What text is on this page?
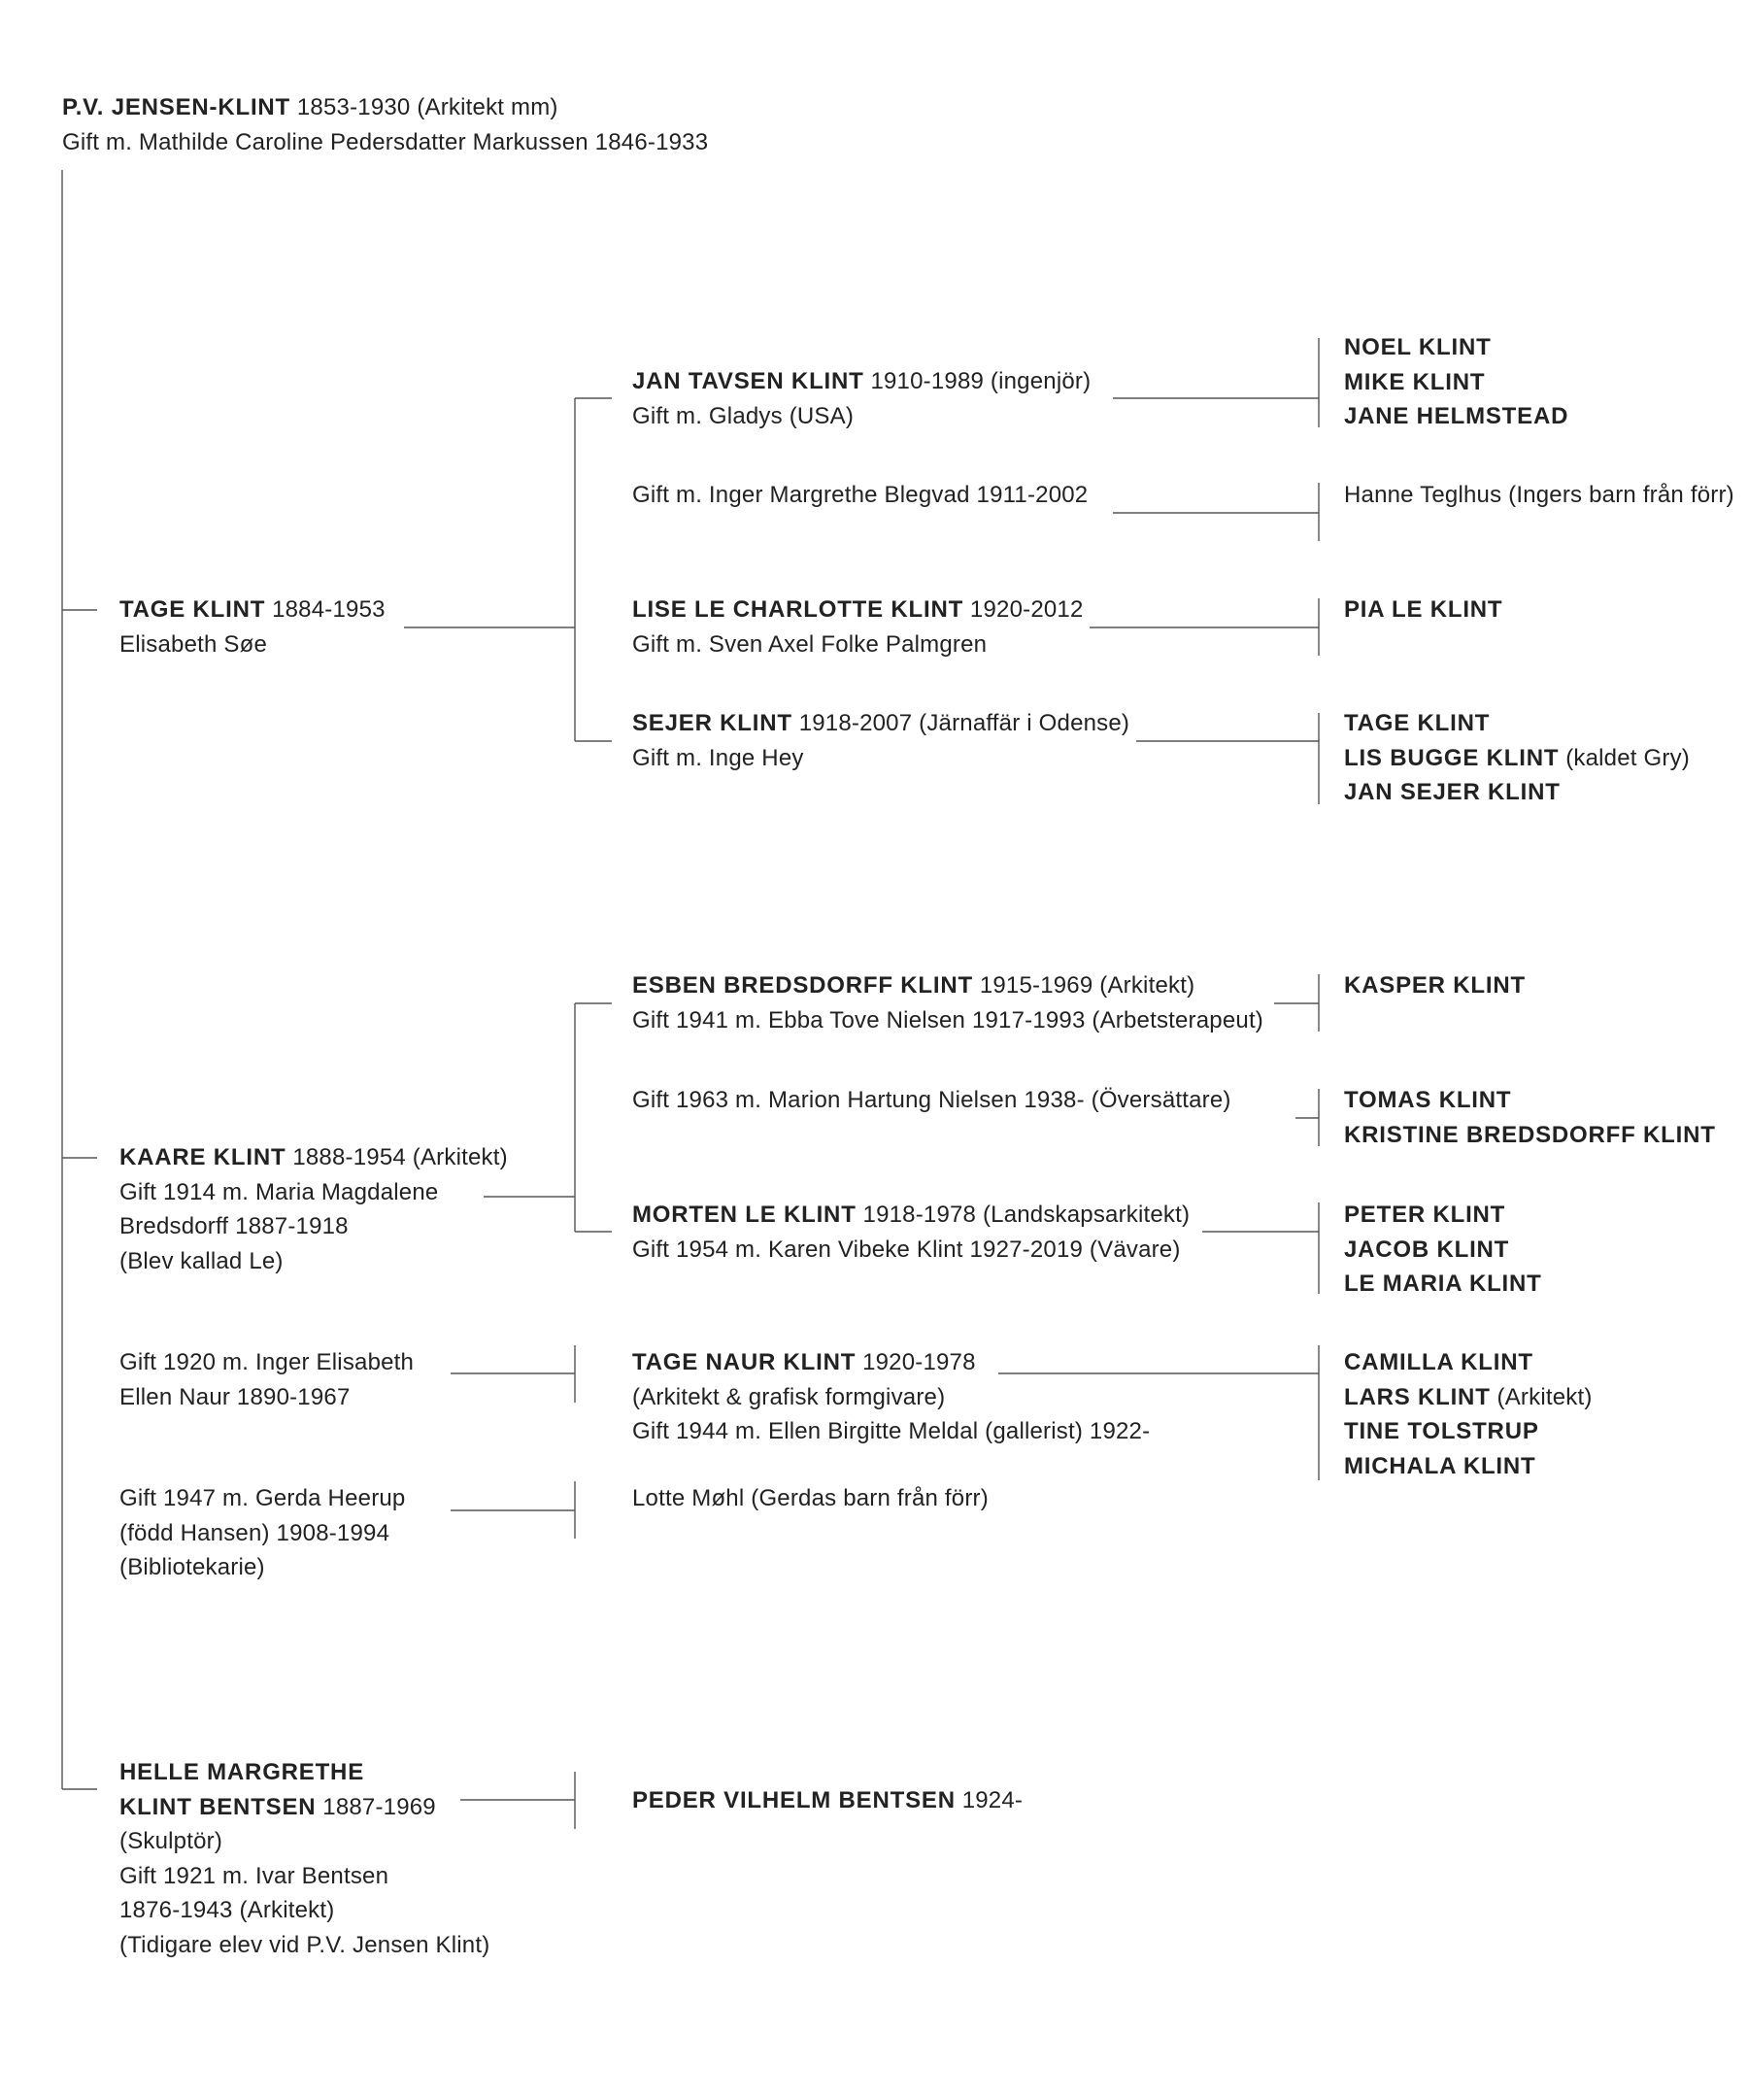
P.V. JENSEN-KLINT 1853-1930 (Arkitekt mm)
Gift m. Mathilde Caroline Pedersdatter Markussen 1846-1933
TAGE KLINT 1884-1953
Elisabeth Søe
KAARE KLINT 1888-1954 (Arkitekt)
Gift 1914 m. Maria Magdalene
Bredsdorff 1887-1918
(Blev kallad Le)
Gift 1920 m. Inger Elisabeth
Ellen Naur 1890-1967
Gift 1947 m. Gerda Heerup
(född Hansen) 1908-1994
(Bibliotekarie)
HELLE MARGRETHE
KLINT BENTSEN 1887-1969
(Skulptör)
Gift 1921 m. Ivar Bentsen
1876-1943 (Arkitekt)
(Tidigare elev vid P.V. Jensen Klint)
JAN TAVSEN KLINT 1910-1989 (ingenjör)
Gift m. Gladys (USA)
Gift m. Inger Margrethe Blegvad 1911-2002
LISE LE CHARLOTTE KLINT 1920-2012
Gift m. Sven Axel Folke Palmgren
SEJER KLINT 1918-2007 (Järnaffär i Odense)
Gift m. Inge Hey
ESBEN BREDSDORFF KLINT 1915-1969 (Arkitekt)
Gift 1941 m. Ebba Tove Nielsen 1917-1993 (Arbetsterapeut)
Gift 1963 m. Marion Hartung Nielsen 1938- (Översättare)
MORTEN LE KLINT 1918-1978 (Landskapsarkitekt)
Gift 1954 m. Karen Vibeke Klint 1927-2019 (Vävare)
TAGE NAUR KLINT 1920-1978
(Arkitekt & grafisk formgivare)
Gift 1944 m. Ellen Birgitte Meldal (gallerist) 1922-
Lotte Møhl (Gerdas barn från förr)
PEDER VILHELM BENTSEN 1924-
NOEL KLINT
MIKE KLINT
JANE HELMSTEAD
Hanne Teglhus (Ingers barn från förr)
PIA LE KLINT
TAGE KLINT
LIS BUGGE KLINT (kaldet Gry)
JAN SEJER KLINT
KASPER KLINT
TOMAS KLINT
KRISTINE BREDSDORFF KLINT
PETER KLINT
JACOB KLINT
LE MARIA KLINT
CAMILLA KLINT
LARS KLINT (Arkitekt)
TINE TOLSTRUP
MICHALA KLINT
